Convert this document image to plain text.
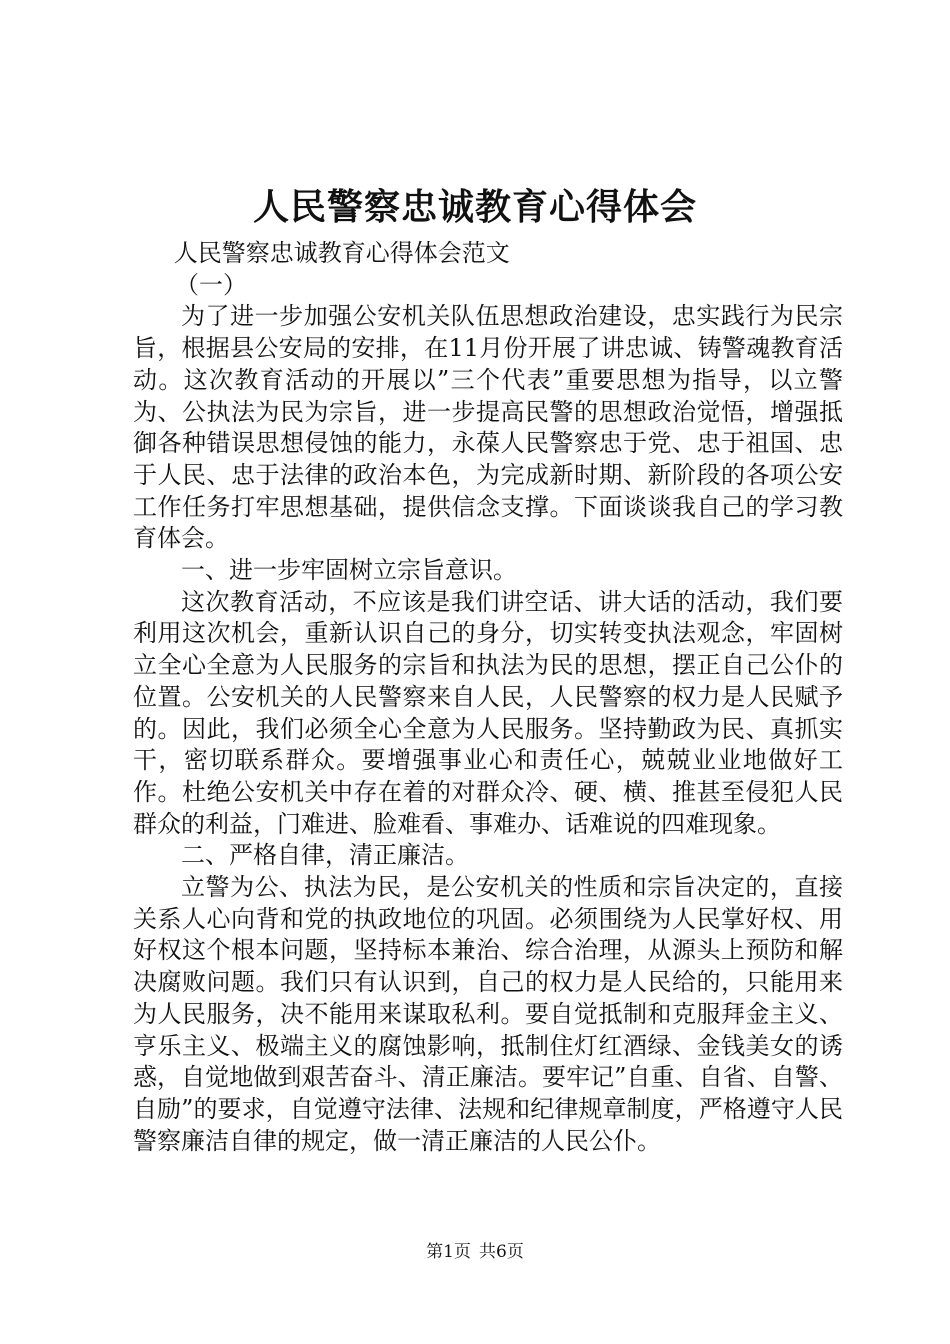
人民警察忠诚教育心得体会

人民警察忠诚教育心得体会范文

（一）

为了进一步加强公安机关队伍思想政治建设，忠实践行为民宗旨，根据县公安局的安排，在11月份开展了讲忠诚、铸警魂教育活动。这次教育活动的开展以”三个代表”重要思想为指导，以立警为、公执法为民为宗旨，进一步提高民警的思想政治觉悟，增强抵御各种错误思想侵蚀的能力，永葆人民警察忠于党、忠于祖国、忠于人民、忠于法律的政治本色，为完成新时期、新阶段的各项公安工作任务打牢思想基础，提供信念支撑。下面谈谈我自己的学习教育体会。

一、进一步牢固树立宗旨意识。

这次教育活动，不应该是我们讲空话、讲大话的活动，我们要利用这次机会，重新认识自己的身分，切实转变执法观念，牢固树立全心全意为人民服务的宗旨和执法为民的思想，摆正自己公仆的位置。公安机关的人民警察来自人民，人民警察的权力是人民赋予的。因此，我们必须全心全意为人民服务。坚持勤政为民、真抓实干，密切联系群众。要增强事业心和责任心，兢兢业业地做好工作。杜绝公安机关中存在着的对群众冷、硬、横、推甚至侵犯人民群众的利益，门难进、脸难看、事难办、话难说的四难现象。

二、严格自律，清正廉洁。

立警为公、执法为民，是公安机关的性质和宗旨决定的，直接关系人心向背和党的执政地位的巩固。必须围绕为人民掌好权、用好权这个根本问题，坚持标本兼治、综合治理，从源头上预防和解决腐败问题。我们只有认识到，自己的权力是人民给的，只能用来为人民服务，决不能用来谋取私利。要自觉抵制和克服拜金主义、亨乐主义、极端主义的腐蚀影响，抵制住灯红酒绿、金钱美女的诱惑，自觉地做到艰苦奋斗、清正廉洁。要牢记”自重、自省、自警、自励”的要求，自觉遵守法律、法规和纪律规章制度，严格遵守人民警察廉洁自律的规定，做一清正廉洁的人民公仆。

第1页 共6页
